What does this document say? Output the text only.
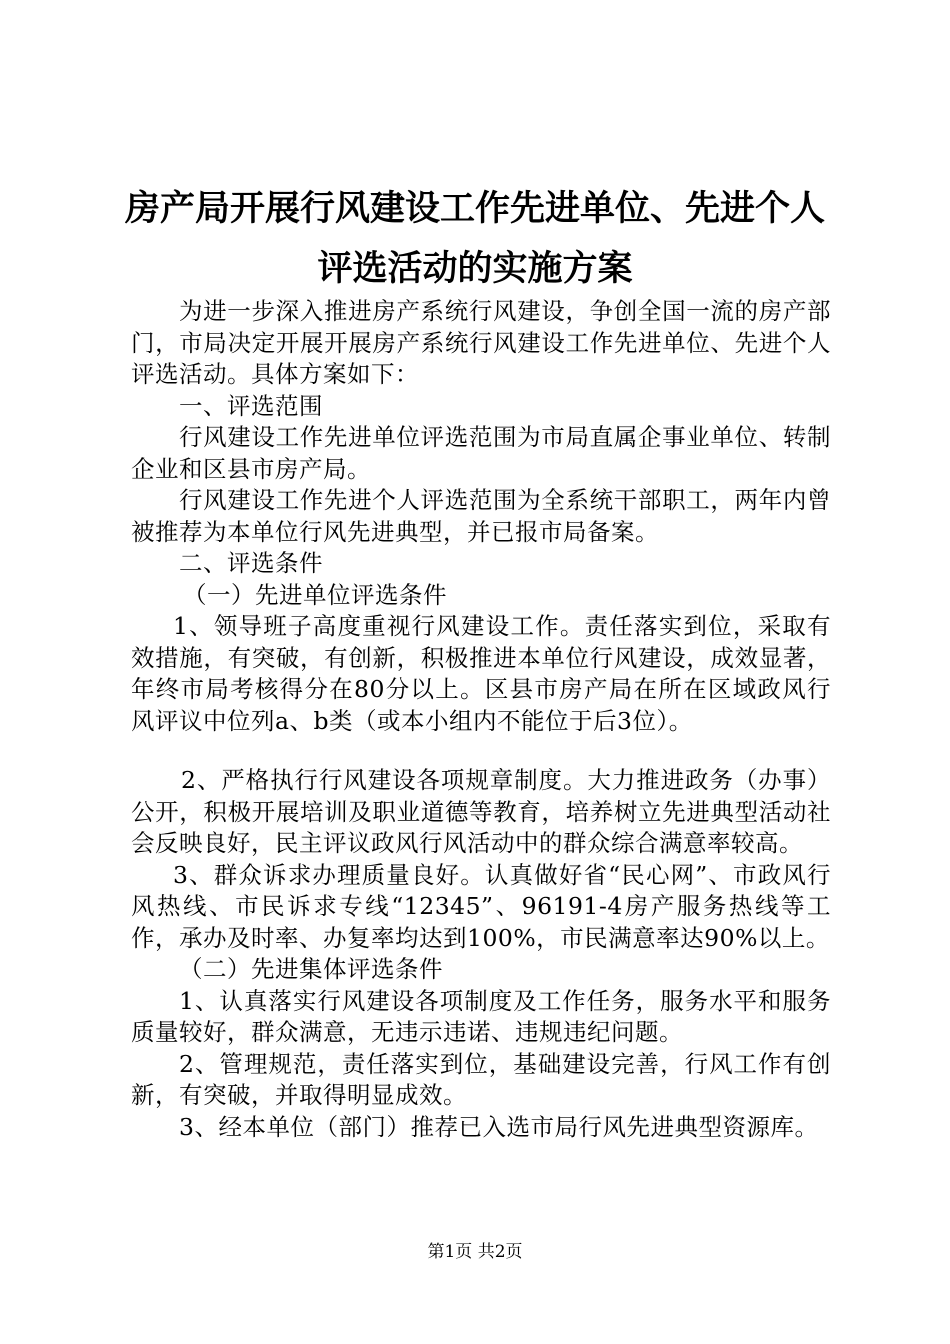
房产局开展行风建设工作先进单位、先进个人
评选活动的实施方案

为进一步深入推进房产系统行风建设，争创全国一流的房产部门，市局决定开展开展房产系统行风建设工作先进单位、先进个人评选活动。具体方案如下：

一、评选范围

行风建设工作先进单位评选范围为市局直属企事业单位、转制企业和区县市房产局。

行风建设工作先进个人评选范围为全系统干部职工，两年内曾被推荐为本单位行风先进典型，并已报市局备案。

二、评选条件

（一）先进单位评选条件

1、领导班子高度重视行风建设工作。责任落实到位，采取有效措施，有突破，有创新，积极推进本单位行风建设，成效显著，年终市局考核得分在80分以上。区县市房产局在所在区域政风行风评议中位列a、b类（或本小组内不能位于后3位）。

2、严格执行行风建设各项规章制度。大力推进政务（办事）公开，积极开展培训及职业道德等教育，培养树立先进典型活动社会反映良好，民主评议政风行风活动中的群众综合满意率较高。

3、群众诉求办理质量良好。认真做好省“民心网”、市政风行风热线、市民诉求专线“12345”、96191-4房产服务热线等工作，承办及时率、办复率均达到100%，市民满意率达90%以上。

（二）先进集体评选条件

1、认真落实行风建设各项制度及工作任务，服务水平和服务质量较好，群众满意，无违示违诺、违规违纪问题。

2、管理规范，责任落实到位，基础建设完善，行风工作有创新，有突破，并取得明显成效。

3、经本单位（部门）推荐已入选市局行风先进典型资源库。

第1页 共2页
